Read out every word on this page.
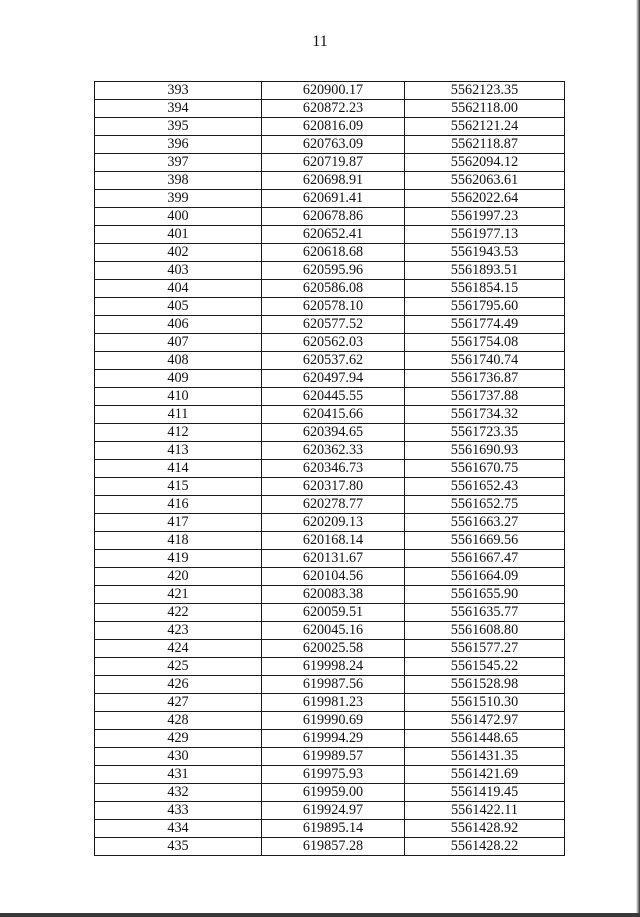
11
393	620900.17	5562123.35
394	620872.23	5562118.00
395	620816.09	5562121.24
396	620763.09	5562118.87
397	620719.87	5562094.12
398	620698.91	5562063.61
399	620691.41	5562022.64
400	620678.86	5561997.23
401	620652.41	5561977.13
402	620618.68	5561943.53
403	620595.96	5561893.51
404	620586.08	5561854.15
405	620578.10	5561795.60
406	620577.52	5561774.49
407	620562.03	5561754.08
408	620537.62	5561740.74
409	620497.94	5561736.87
410	620445.55	5561737.88
411	620415.66	5561734.32
412	620394.65	5561723.35
413	620362.33	5561690.93
414	620346.73	5561670.75
415	620317.80	5561652.43
416	620278.77	5561652.75
417	620209.13	5561663.27
418	620168.14	5561669.56
419	620131.67	5561667.47
420	620104.56	5561664.09
421	620083.38	5561655.90
422	620059.51	5561635.77
423	620045.16	5561608.80
424	620025.58	5561577.27
425	619998.24	5561545.22
426	619987.56	5561528.98
427	619981.23	5561510.30
428	619990.69	5561472.97
429	619994.29	5561448.65
430	619989.57	5561431.35
431	619975.93	5561421.69
432	619959.00	5561419.45
433	619924.97	5561422.11
434	619895.14	5561428.92
435	619857.28	5561428.22
